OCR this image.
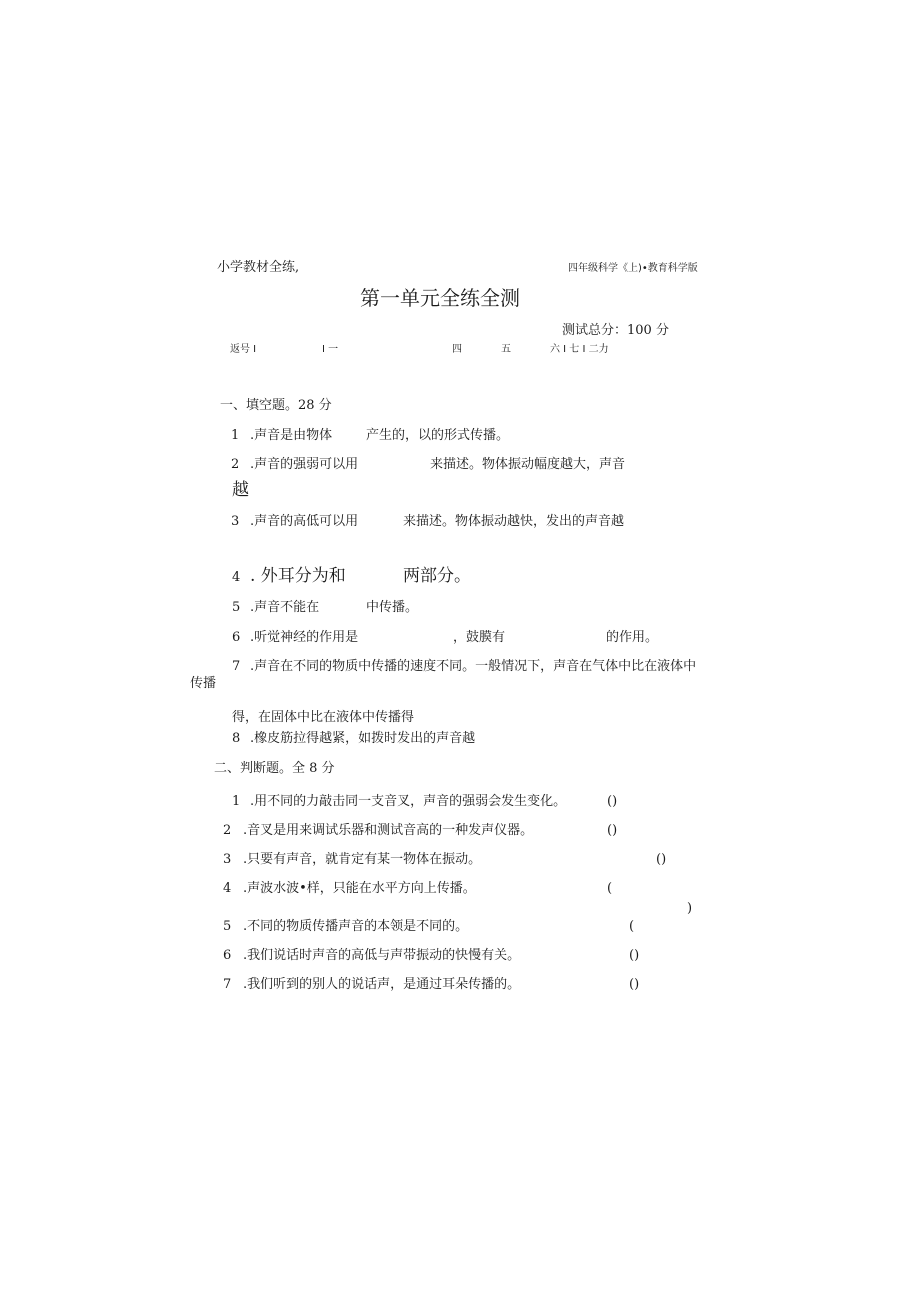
小学教材全练,	四年级科学《上)•教育科学版
第一单元全练全测
测试总分：100 分
返号 I	I 一	四	五	六 I 七 I 二力
一、填空题。28 分
1 .声音是由物体	产生的，以的形式传播。
2 .声音的强弱可以用	来描述。物体振动幅度越大，声音
越
3 .声音的高低可以用	来描述。物体振动越快，发出的声音越
4 . 外耳分为和	两部分。
5 .声音不能在	中传播。
6 .听觉神经的作用是	，鼓膜有	的作用。
7 .声音在不同的物质中传播的速度不同。一般情况下，声音在气体中比在液体中
传播
得，在固体中比在液体中传播得
8 .橡皮筋拉得越紧，如拨时发出的声音越
二、判断题。全 8 分
1 .用不同的力敲击同一支音叉，声音的强弱会发生变化。	()
2 .音叉是用来调试乐器和测试音高的一种发声仪器。	()
3 .只要有声音，就肯定有某一物体在振动。	()
4 .声波水波•样，只能在水平方向上传播。	(
)
5 .不同的物质传播声音的本领是不同的。	(
6 .我们说话时声音的高低与声带振动的快慢有关。	()
7 .我们听到的别人的说话声，是通过耳朵传播的。	()
